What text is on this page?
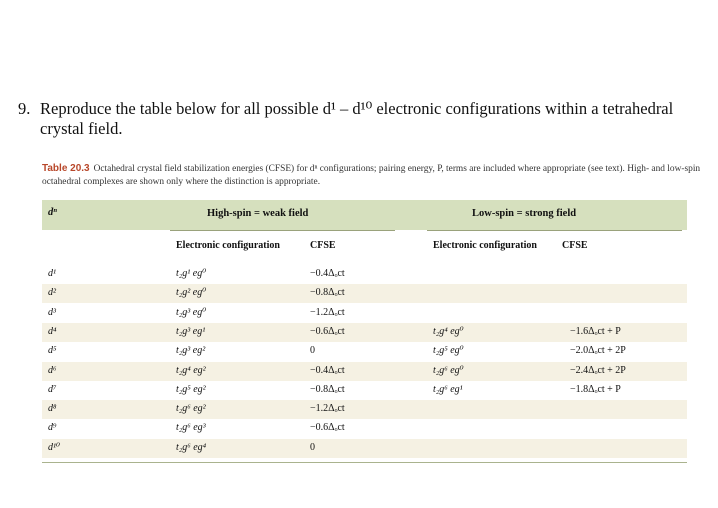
9. Reproduce the table below for all possible d¹ – d¹⁰ electronic configurations within a tetrahedral
crystal field.
Table 20.3 Octahedral crystal field stabilization energies (CFSE) for dⁿ configurations; pairing energy, P, terms are included where appropriate (see text). High- and low-spin octahedral complexes are shown only where the distinction is appropriate.
dⁿ	High-spin = weak field	Low-spin = strong field
Electronic configuration	CFSE	Electronic configuration	CFSE
d¹	t₂g¹ eg⁰	−0.4Δₒct
d²	t₂g² eg⁰	−0.8Δₒct
d³	t₂g³ eg⁰	−1.2Δₒct
d⁴	t₂g³ eg¹	−0.6Δₒct	t₂g⁴ eg⁰	−1.6Δₒct + P
d⁵	t₂g³ eg²	0	t₂g⁵ eg⁰	−2.0Δₒct + 2P
d⁶	t₂g⁴ eg²	−0.4Δₒct	t₂g⁶ eg⁰	−2.4Δₒct + 2P
d⁷	t₂g⁵ eg²	−0.8Δₒct	t₂g⁶ eg¹	−1.8Δₒct + P
d⁸	t₂g⁶ eg²	−1.2Δₒct
d⁹	t₂g⁶ eg³	−0.6Δₒct
d¹⁰	t₂g⁶ eg⁴	0
